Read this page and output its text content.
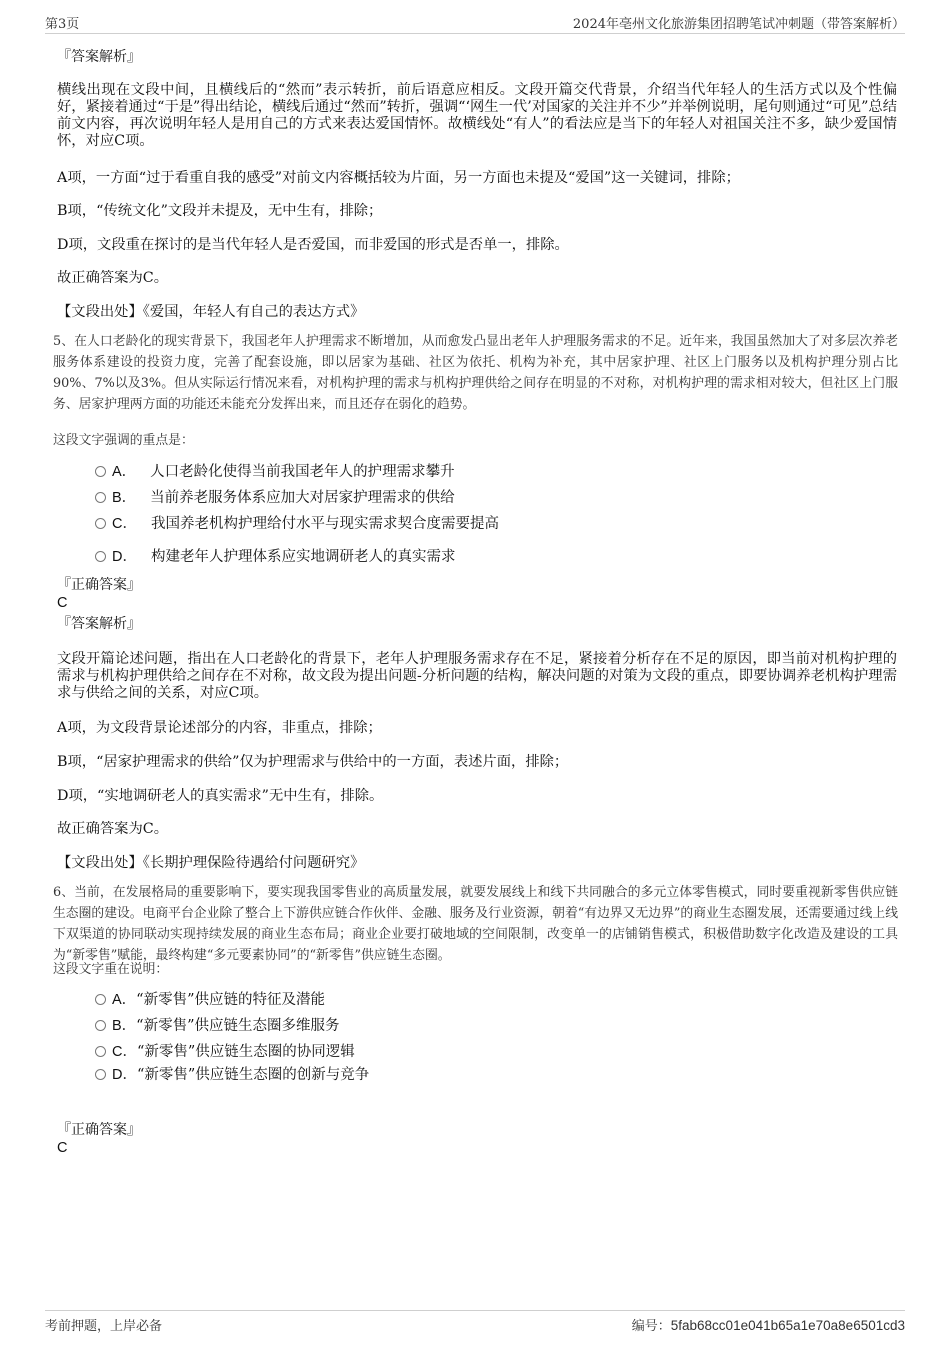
第3页	2024年亳州文化旅游集团招聘笔试冲刺题（带答案解析）
『答案解析』
横线出现在文段中间，且横线后的“然而”表示转折，前后语意应相反。文段开篇交代背景，介绍当代年轻人的生活方式以及个性偏好，紧接着通过“于是”得出结论，横线后通过“然而”转折，强调“‘网生一代’对国家的关注并不少”并举例说明，尾句则通过“可见”总结前文内容，再次说明年轻人是用自己的方式来表达爱国情怀。故横线处“有人”的看法应是当下的年轻人对祖国关注不多，缺少爱国情怀，对应C项。
A项，一方面“过于看重自我的感受”对前文内容概括较为片面，另一方面也未提及“爱国”这一关键词，排除；
B项，“传统文化”文段并未提及，无中生有，排除；
D项，文段重在探讨的是当代年轻人是否爱国，而非爱国的形式是否单一，排除。
故正确答案为C。
【文段出处】《爱国，年轻人有自己的表达方式》
5、在人口老龄化的现实背景下，我国老年人护理需求不断增加，从而愈发凸显出老年人护理服务需求的不足。近年来，我国虽然加大了对多层次养老服务体系建设的投资力度，完善了配套设施，即以居家为基础、社区为依托、机构为补充，其中居家护理、社区上门服务以及机构护理分别占比90%、7%以及3%。但从实际运行情况来看，对机构护理的需求与机构护理供给之间存在明显的不对称，对机构护理的需求相对较大，但社区上门服务、居家护理两方面的功能还未能充分发挥出来，而且还存在弱化的趋势。
这段文字强调的重点是：
A． 人口老龄化使得当前我国老年人的护理需求攀升
B． 当前养老服务体系应加大对居家护理需求的供给
C． 我国养老机构护理给付水平与现实需求契合度需要提高
D． 构建老年人护理体系应实地调研老人的真实需求
『正确答案』
C
『答案解析』
文段开篇论述问题，指出在人口老龄化的背景下，老年人护理服务需求存在不足，紧接着分析存在不足的原因，即当前对机构护理的需求与机构护理供给之间存在不对称，故文段为提出问题-分析问题的结构，解决问题的对策为文段的重点，即要协调养老机构护理需求与供给之间的关系，对应C项。
A项，为文段背景论述部分的内容，非重点，排除；
B项，“居家护理需求的供给”仅为护理需求与供给中的一方面，表述片面，排除；
D项，“实地调研老人的真实需求”无中生有，排除。
故正确答案为C。
【文段出处】《长期护理保险待遇给付问题研究》
6、当前，在发展格局的重要影响下，要实现我国零售业的高质量发展，就要发展线上和线下共同融合的多元立体零售模式，同时要重视新零售供应链生态圈的建设。电商平台企业除了整合上下游供应链合作伙伴、金融、服务及行业资源，朝着“有边界又无边界”的商业生态圈发展，还需要通过线上线下双渠道的协同联动实现持续发展的商业生态布局；商业企业要打破地域的空间限制，改变单一的店铺销售模式，积极借助数字化改造及建设的工具为“新零售”赋能，最终构建“多元要素协同”的“新零售”供应链生态圈。
这段文字重在说明：
A．“新零售”供应链的特征及潜能
B．“新零售”供应链生态圈多维服务
C．“新零售”供应链生态圈的协同逻辑
D．“新零售”供应链生态圈的创新与竞争
『正确答案』
C
考前押题，上岸必备	编号：5fab68cc01e041b65a1e70a8e6501cd3
